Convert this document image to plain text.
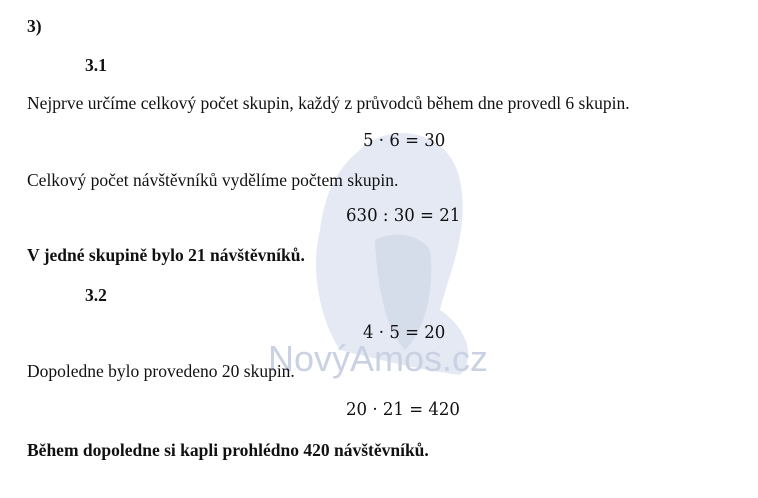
NovýAmos.cz
3)
3.1
Nejprve určíme celkový počet skupin, každý z průvodců během dne provedl 6 skupin.
5 · 6 = 30
Celkový počet návštěvníků vydělíme počtem skupin.
630 : 30 = 21
V jedné skupině bylo 21 návštěvníků.
3.2
4 · 5 = 20
Dopoledne bylo provedeno 20 skupin.
20 · 21 = 420
Během dopoledne si kapli prohlédno 420 návštěvníků.
